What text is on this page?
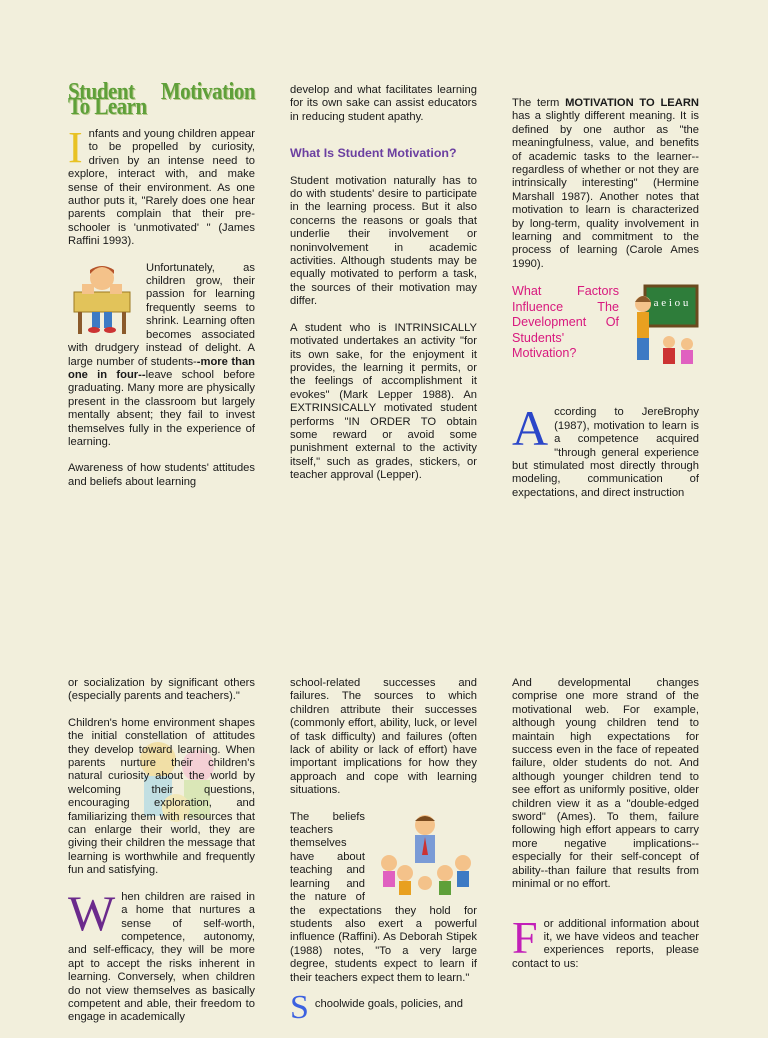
Student Motivation To Learn

I nfants and young children appear to be propelled by curiosity, driven by an intense need to explore, interact with, and make sense of their environment. As one author puts it, "Rarely does one hear parents complain that their pre-schooler is 'unmotivated' " (James Raffini 1993).

Unfortunately, as children grow, their passion for learning frequently seems to shrink. Learning often becomes associated with drudgery instead of delight. A large number of students--more than one in four--leave school before graduating. Many more are physically present in the classroom but largely mentally absent; they fail to invest themselves fully in the experience of learning.

Awareness of how students' attitudes and beliefs about learning

develop and what facilitates learning for its own sake can assist educators in reducing student apathy.

What Is Student Motivation?

Student motivation naturally has to do with students' desire to participate in the learning process. But it also concerns the reasons or goals that underlie their involvement or noninvolvement in academic activities. Although students may be equally motivated to perform a task, the sources of their motivation may differ.

A student who is INTRINSICALLY motivated undertakes an activity "for its own sake, for the enjoyment it provides, the learning it permits, or the feelings of accomplishment it evokes" (Mark Lepper 1988). An EXTRINSICALLY motivated student performs "IN ORDER TO obtain some reward or avoid some punishment external to the activity itself," such as grades, stickers, or teacher approval (Lepper).

The term MOTIVATION TO LEARN has a slightly different meaning. It is defined by one author as "the meaningfulness, value, and benefits of academic tasks to the learner--regardless of whether or not they are intrinsically interesting" (Hermine Marshall 1987). Another notes that motivation to learn is characterized by long-term, quality involvement in learning and commitment to the process of learning (Carole Ames 1990).

a e i o u
What Factors Influence The Development Of Students' Motivation?

A ccording to JereBrophy (1987), motivation to learn is a competence acquired "through general experience but stimulated most directly through modeling, communication of expectations, and direct instruction

or socialization by significant others (especially parents and teachers)."

Children's home environment shapes the initial constellation of attitudes they develop toward learning. When parents nurture their children's natural curiosity about the world by welcoming their questions, encouraging exploration, and familiarizing them with resources that can enlarge their world, they are giving their children the message that learning is worthwhile and frequently fun and satisfying.

W hen children are raised in a home that nurtures a sense of self-worth, competence, autonomy, and self-efficacy, they will be more apt to accept the risks inherent in learning. Conversely, when children do not view themselves as basically competent and able, their freedom to engage in academically

school-related successes and failures. The sources to which children attribute their successes (commonly effort, ability, luck, or level of task difficulty) and failures (often lack of ability or lack of effort) have important implications for how they approach and cope with learning situations.

The beliefs teachers themselves have about teaching and learning and the nature of the expectations they hold for students also exert a powerful influence (Raffini). As Deborah Stipek (1988) notes, "To a very large degree, students expect to learn if their teachers expect them to learn."

S choolwide goals, policies, and

And developmental changes comprise one more strand of the motivational web. For example, although young children tend to maintain high expectations for success even in the face of repeated failure, older students do not. And although younger children tend to see effort as uniformly positive, older children view it as a "double-edged sword" (Ames). To them, failure following high effort appears to carry more negative implications--especially for their self-concept of ability--than failure that results from minimal or no effort.

F or additional information about it, we have videos and teacher experiences reports, please contact to us:
